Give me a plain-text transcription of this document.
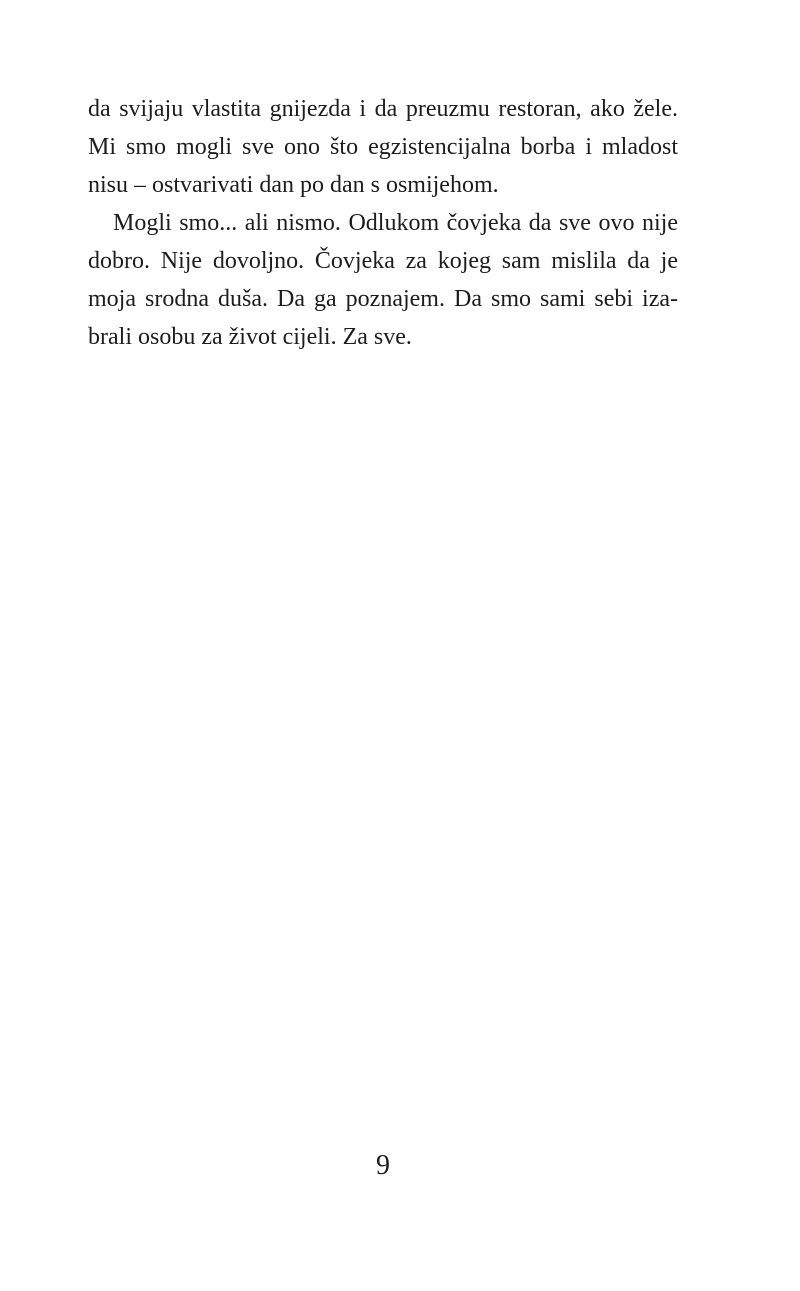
da svijaju vlastita gnijezda i da preuzmu restoran, ako žele.
Mi smo mogli sve ono što egzistencijalna borba i mladost
nisu – ostvarivati dan po dan s osmijehom.
Mogli smo... ali nismo. Odlukom čovjeka da sve ovo nije
dobro. Nije dovoljno. Čovjeka za kojeg sam mislila da je
moja srodna duša. Da ga poznajem. Da smo sami sebi iza-
brali osobu za život cijeli. Za sve.
9
